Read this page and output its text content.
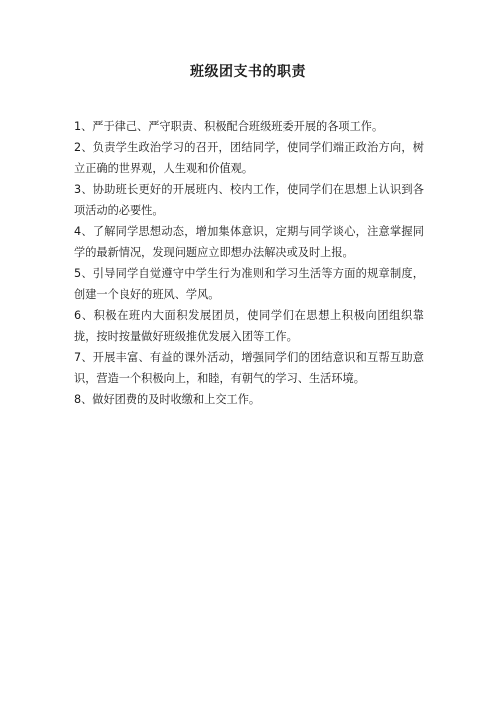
班级团支书的职责
1、严于律己、严守职责、积极配合班级班委开展的各项工作。
2、负责学生政治学习的召开，团结同学，使同学们端正政治方向，树立正确的世界观，人生观和价值观。
3、协助班长更好的开展班内、校内工作，使同学们在思想上认识到各项活动的必要性。
4、了解同学思想动态，增加集体意识，定期与同学谈心，注意掌握同学的最新情况，发现问题应立即想办法解决或及时上报。
5、引导同学自觉遵守中学生行为准则和学习生活等方面的规章制度，创建一个良好的班风、学风。
6、积极在班内大面积发展团员，使同学们在思想上积极向团组织靠拢，按时按量做好班级推优发展入团等工作。
7、开展丰富、有益的课外活动，增强同学们的团结意识和互帮互助意识，营造一个积极向上，和睦，有朝气的学习、生活环境。
8、做好团费的及时收缴和上交工作。
